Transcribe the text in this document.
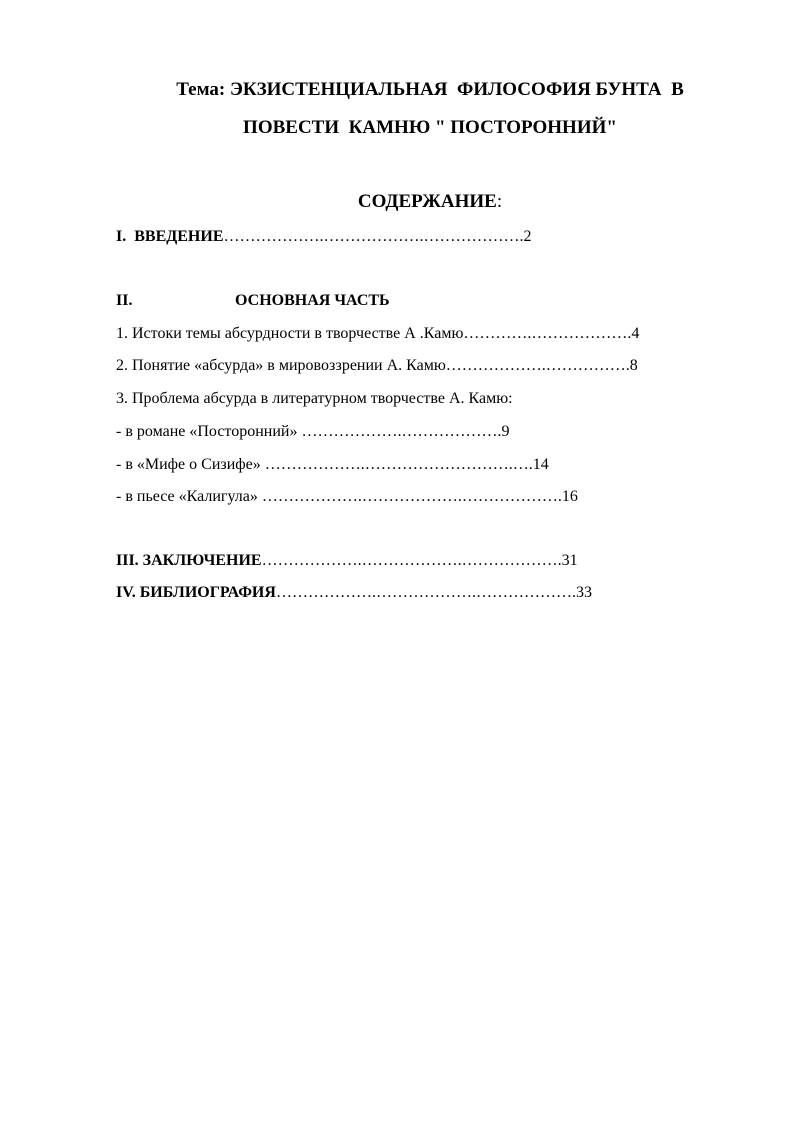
Тема: ЭКЗИСТЕНЦИАЛЬНАЯ  ФИЛОСОФИЯ БУНТА  В
ПОВЕСТИ  КАМНЮ " ПОСТОРОННИЙ"
СОДЕРЖАНИЕ:
I.  ВВЕДЕНИЕ……………….……………….……………….2
II.	ОСНОВНАЯ ЧАСТЬ
1. Истоки темы абсурдности в творчестве А .Камю………….……………….4
2. Понятие «абсурда» в мировоззрении А. Камю……………….…………….8
3. Проблема абсурда в литературном творчестве А. Камю:
- в романе «Посторонний» ……………….……………….9
- в «Мифе о Сизифе» ……………….……………………….….14
- в пьесе «Калигула» ……………….……………….……………….16
III. ЗАКЛЮЧЕНИЕ……………….……………….……………….31
IV. БИБЛИОГРАФИЯ……………….……………….……………….33
